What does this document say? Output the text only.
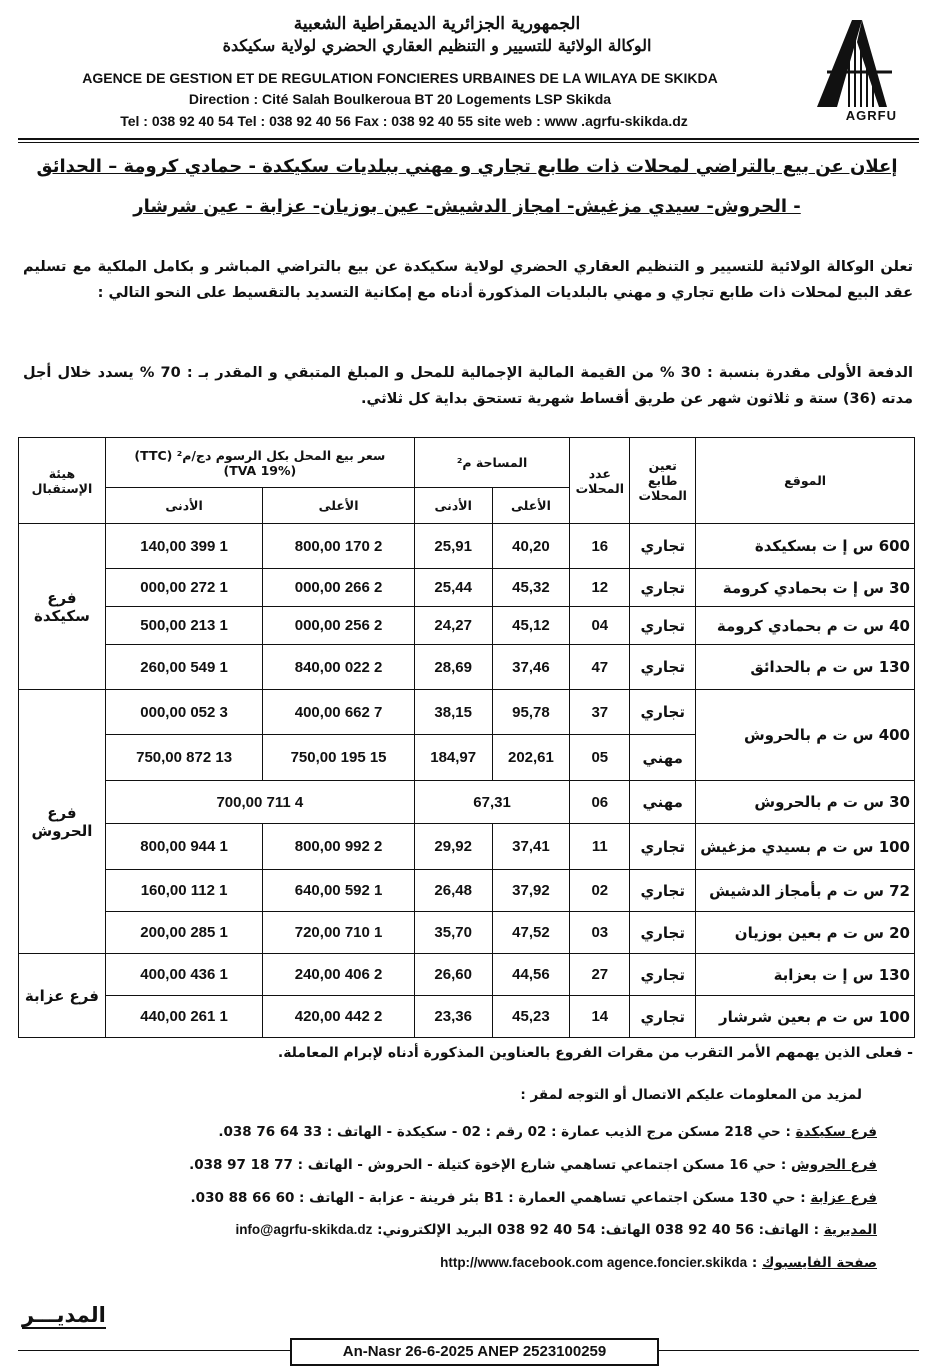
الجمهورية الجزائرية الديمقراطية الشعبية
الوكالة الولائية للتسيير و التنظيم العقاري الحضري لولاية سكيكدة
AGENCE DE GESTION ET DE REGULATION FONCIERES URBAINES DE LA WILAYA DE SKIKDA
Direction : Cité Salah Boulkeroua BT 20 Logements LSP Skikda
Tel : 038 92 40 54 Tel : 038 92 40 56 Fax : 038 92 40 55 site web : www .agrfu-skikda.dz	AGRFU
إعلان عن بيع بالتراضي لمحلات ذات طابع تجاري و مهني ببلديات سكيكدة - حمادي كرومة – الحدائق
- الحروش- سيدي مزغيش- امجاز الدشيش- عين بوزيان- عزابة - عين شرشار
تعلن الوكالة الولائية للتسيير و التنظيم العقاري الحضري لولاية سكيكدة عن بيع بالتراضي المباشر و بكامل الملكية مع تسليم عقد البيع لمحلات ذات طابع تجاري و مهني بالبلديات المذكورة أدناه مع إمكانية التسديد بالتقسيط على النحو التالي :
الدفعة الأولى مقدرة بنسبة : 30 % من القيمة المالية الإجمالية للمحل و المبلغ المتبقي و المقدر بـ : 70 % يسدد خلال أجل مدته (36) ستة و ثلاثون شهر عن طريق أقساط شهرية تستحق بداية كل ثلاثي.
الموقع	تعين طابع المحلات	عدد المحلات	المساحة م²		سعر بيع المحل بكل الرسوم دج/م² (TTC)
(TVA 19%)		هيئة الإستقبال
			الأعلى	الأدنى	الأعلى	الأدنى	
600 س إ ت بسكيكدة	تجاري	16	40,20	25,91	2 170 800,00	1 399 140,00	فرع سكيكدة
30 س إ ت بحمادي كرومة	تجاري	12	45,32	25,44	2 266 000,00	1 272 000,00	
40 س ت م بحمادي كرومة	تجاري	04	45,12	24,27	2 256 000,00	1 213 500,00	
130 س ت م بالحدائق	تجاري	47	37,46	28,69	2 022 840,00	1 549 260,00	
400 س ت م بالحروش	تجاري	37	95,78	38,15	7 662 400,00	3 052 000,00	فرع الحروش
	مهني	05	202,61	184,97	15 195 750,00	13 872 750,00	
30 س ت م بالحروش	مهني	06	67,31		4 711 700,00		
100 س ت م بسيدي مزغيش	تجاري	11	37,41	29,92	2 992 800,00	1 944 800,00	
72 س ت م بأمجاز الدشيش	تجاري	02	37,92	26,48	1 592 640,00	1 112 160,00	
20 س ت م بعين بوزيان	تجاري	03	47,52	35,70	1 710 720,00	1 285 200,00	
130 س إ ت بعزابة	تجاري	27	44,56	26,60	2 406 240,00	1 436 400,00	فرع عزابة
100 س ت م بعين شرشار	تجاري	14	45,23	23,36	2 442 420,00	1 261 440,00	
- فعلى الذين يهمهم الأمر التقرب من مقرات الفروع بالعناوين المذكورة أدناه لإبرام المعاملة.
لمزيد من المعلومات عليكم الاتصال أو التوجه لمقر :
فرع سكيكدة : حي 218 مسكن مرج الذيب عمارة : 02 رقم : 02 - سكيكدة - الهاتف : 33 64 76 038.
فرع الحروش : حي 16 مسكن اجتماعي تساهمي شارع الإخوة كتيلة - الحروش - الهاتف : 77 18 97 038.
فرع عزابة : حي 130 مسكن اجتماعي تساهمي العمارة : B1 بئر فرينة - عزابة - الهاتف : 60 66 88 030.
المديرية : الهاتف: 56 40 92 038 الهاتف: 54 40 92 038 البريد الإلكتروني: info@agrfu-skikda.dz
صفحة الفايسبوك : http://www.facebook.com agence.foncier.skikda
المديـــر
An-Nasr 26-6-2025 ANEP 2523100259
